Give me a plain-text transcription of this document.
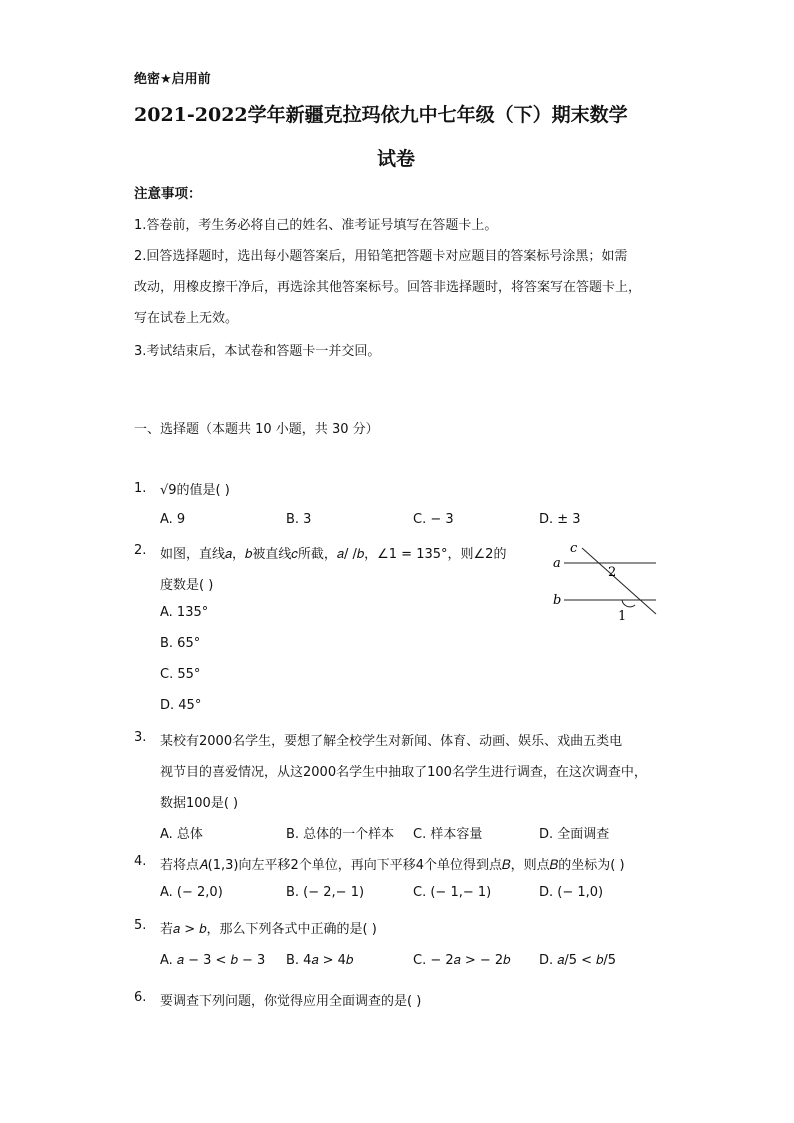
绝密★启用前
2021-2022学年新疆克拉玛依九中七年级（下）期末数学
试卷
注意事项：
1.答卷前，考生务必将自己的姓名、准考证号填写在答题卡上。
2.回答选择题时，选出每小题答案后，用铅笔把答题卡对应题目的答案标号涂黑；如需
改动，用橡皮擦干净后，再选涂其他答案标号。回答非选择题时，将答案写在答题卡上，
写在试卷上无效。
3.考试结束后，本试卷和答题卡一并交回。
一、选择题（本题共 10 小题，共 30 分）
1. √9的值是( )
A. 9	B. 3	C. − 3	D. ± 3
2. 如图，直线𝑎，𝑏被直线𝑐所截，𝑎/ /𝑏，∠1 = 135°，则∠2的
度数是( )
A. 135°
B. 65°
C. 55°
D. 45°
c
a
2
b
1
3. 某校有2000名学生，要想了解全校学生对新闻、体育、动画、娱乐、戏曲五类电
视节目的喜爱情况，从这2000名学生中抽取了100名学生进行调查，在这次调查中，
数据100是( )
A. 总体	B. 总体的一个样本 C. 样本容量	D. 全面调查
4. 若将点𝐴(1,3)向左平移2个单位，再向下平移4个单位得到点𝐵，则点𝐵的坐标为( )
A. (− 2,0)	B. (− 2,− 1)	C. (− 1,− 1)	D. (− 1,0)
5. 若𝑎 > 𝑏，那么下列各式中正确的是( )
A. 𝑎 − 3 < 𝑏 − 3 B. 4𝑎 > 4𝑏	C. − 2𝑎 > − 2𝑏 D. 𝑎/5 < 𝑏/5
6. 要调查下列问题，你觉得应用全面调查的是( )
